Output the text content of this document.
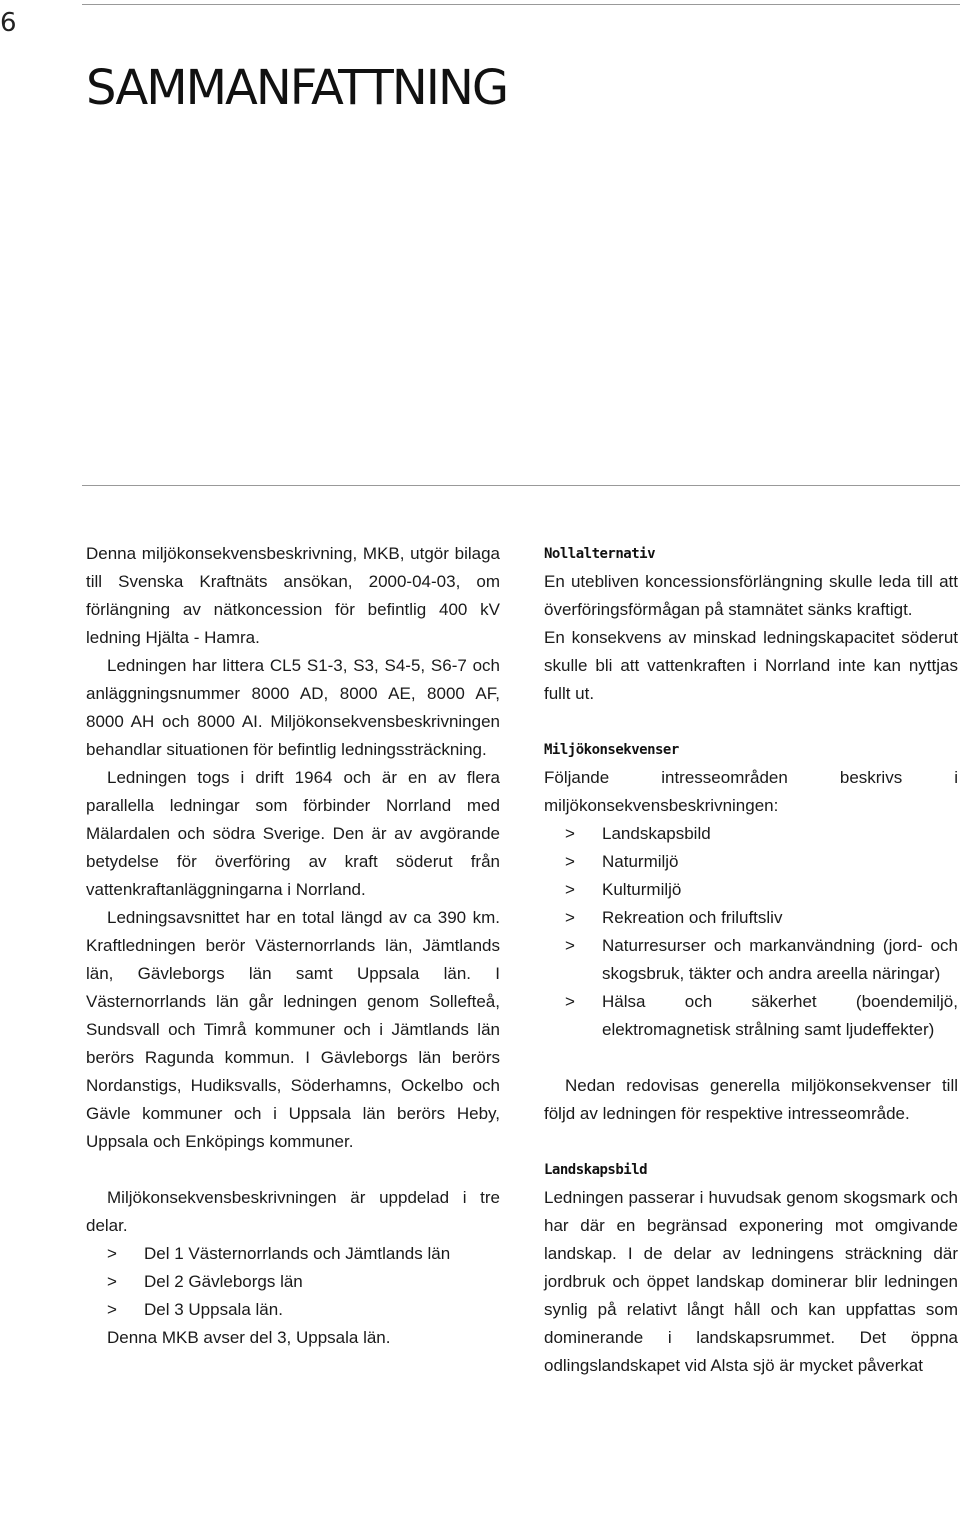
6
SAMMANFATTNING

Denna miljökonsekvensbeskrivning, MKB, utgör bilaga till Svenska Kraftnäts ansökan, 2000-04-03, om förlängning av nätkoncession för befintlig 400 kV ledning Hjälta - Hamra.

Ledningen har littera CL5 S1-3, S3, S4-5, S6-7 och anläggningsnummer 8000 AD, 8000 AE, 8000 AF, 8000 AH och 8000 AI. Miljökonsekvensbeskrivningen behandlar situationen för befintlig ledningssträckning.

Ledningen togs i drift 1964 och är en av flera parallella ledningar som förbinder Norrland med Mälardalen och södra Sverige. Den är av avgörande betydelse för överföring av kraft söderut från vattenkraftanläggningarna i Norrland.

Ledningsavsnittet har en total längd av ca 390 km. Kraftledningen berör Västernorrlands län, Jämtlands län, Gävleborgs län samt Uppsala län. I Västernorrlands län går ledningen genom Sollefteå, Sundsvall och Timrå kommuner och i Jämtlands län berörs Ragunda kommun. I Gävleborgs län berörs Nordanstigs, Hudiksvalls, Söderhamns, Ockelbo och Gävle kommuner och i Uppsala län berörs Heby, Uppsala och Enköpings kommuner.

Miljökonsekvensbeskrivningen är uppdelad i tre delar.

> Del 1 Västernorrlands och Jämtlands län
> Del 2 Gävleborgs län
> Del 3 Uppsala län.

Denna MKB avser del 3, Uppsala län.

Nollalternativ

En utebliven koncessionsförlängning skulle leda till att överföringsförmågan på stamnätet sänks kraftigt.

En konsekvens av minskad ledningskapacitet söderut skulle bli att vattenkraften i Norrland inte kan nyttjas fullt ut.

Miljökonsekvenser

Följande intresseområden beskrivs i miljökonsekvensbeskrivningen:

> Landskapsbild
> Naturmiljö
> Kulturmiljö
> Rekreation och friluftsliv
> Naturresurser och markanvändning (jord- och skogsbruk, täkter och andra areella näringar)
> Hälsa och säkerhet (boendemiljö, elektromagnetisk strålning samt ljudeffekter)

Nedan redovisas generella miljökonsekvenser till följd av ledningen för respektive intresseområde.

Landskapsbild

Ledningen passerar i huvudsak genom skogsmark och har där en begränsad exponering mot omgivande landskap. I de delar av ledningens sträckning där jordbruk och öppet landskap dominerar blir ledningen synlig på relativt långt håll och kan uppfattas som dominerande i landskapsrummet. Det öppna odlingslandskapet vid Alsta sjö är mycket påverkat
